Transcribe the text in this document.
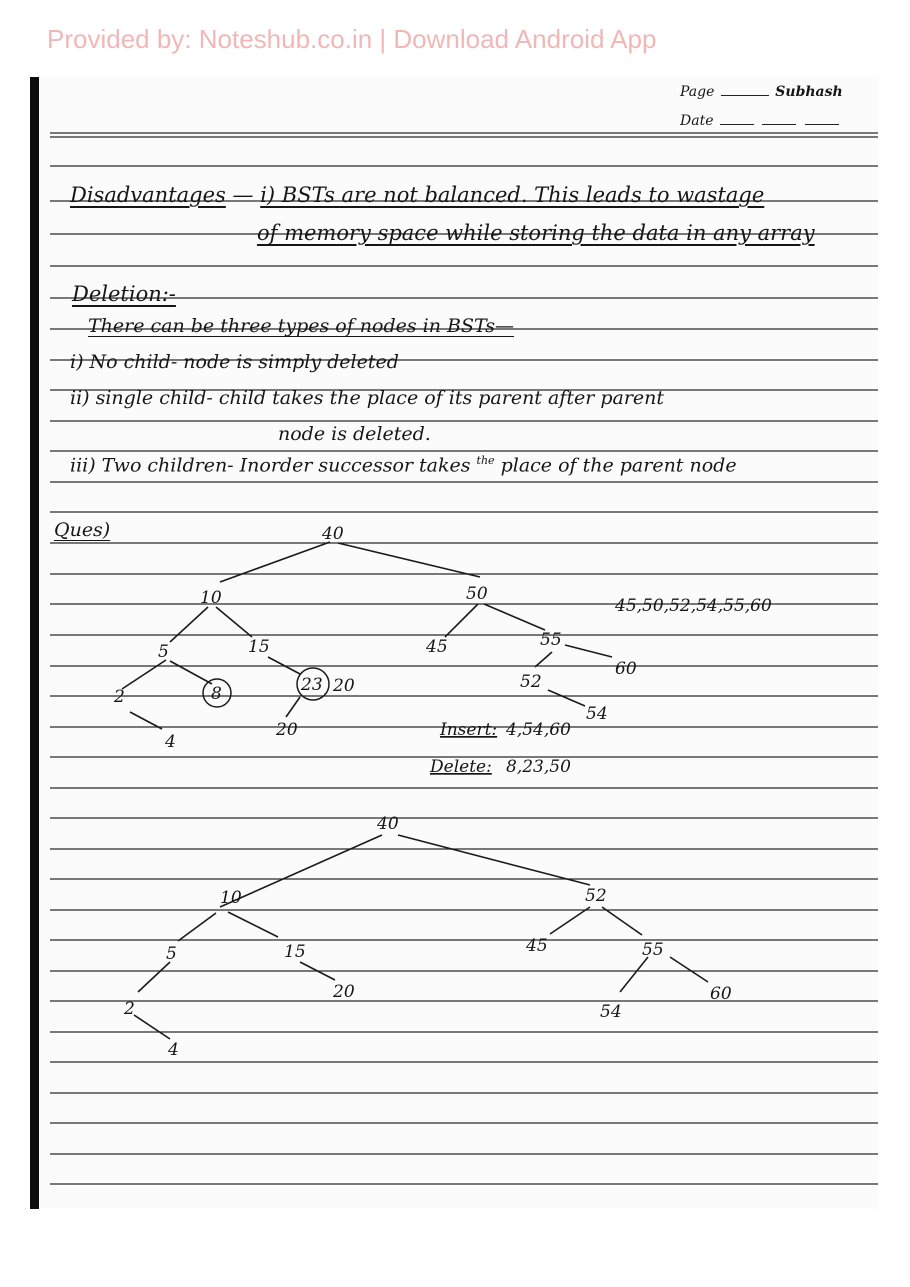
Provided by: Noteshub.co.in | Download Android App
Page	Subhash
Date
Disadvantages — i) BSTs are not balanced. This leads to wastage
of memory space while storing the data in any array
Deletion:-
There can be three types of nodes in BSTs—
i) No child- node is simply deleted
ii) single child- child takes the place of its parent after parent
node is deleted.
iii) Two children- Inorder successor takes $^{the}$ place of the parent node
Ques)	40
10	50
5	15	45	55
60
2	8	23 20
20
4
52
54
45,50,52,54,55,60
Insert: 4,54,60
Delete: 8,23,50
40
10	52
5	15	45	55
2
20
54
60
4
